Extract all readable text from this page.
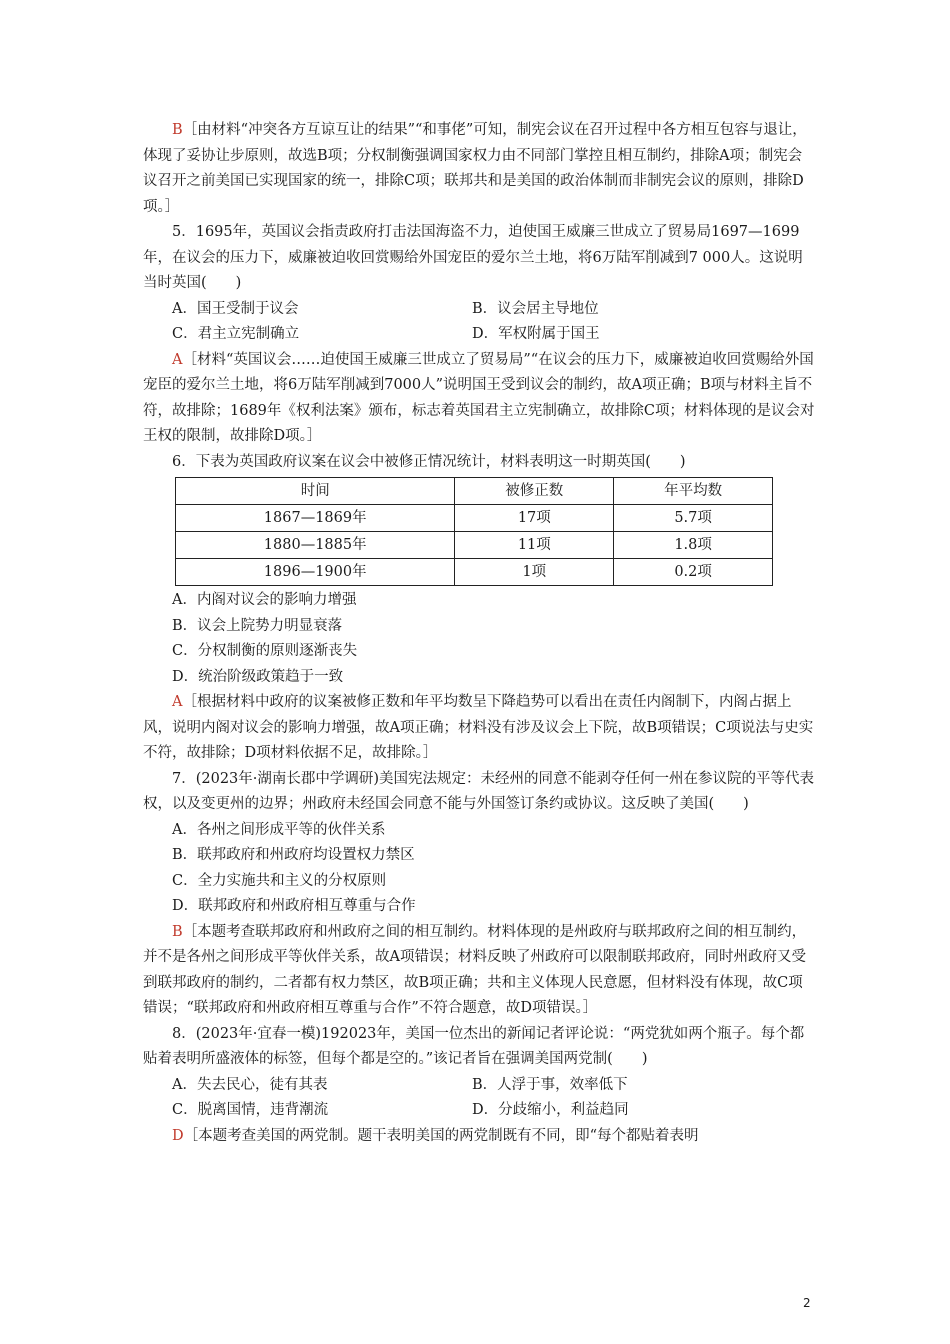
B［由材料“冲突各方互谅互让的结果”“和事佬”可知，制宪会议在召开过程中各方相互包容与退让，体现了妥协让步原则，故选B项；分权制衡强调国家权力由不同部门掌控且相互制约，排除A项；制宪会议召开之前美国已实现国家的统一，排除C项；联邦共和是美国的政治体制而非制宪会议的原则，排除D项。］

5．1695年，英国议会指责政府打击法国海盗不力，迫使国王威廉三世成立了贸易局1697—1699年，在议会的压力下，威廉被迫收回赏赐给外国宠臣的爱尔兰土地，将6万陆军削减到7 000人。这说明当时英国(　　)

A．国王受制于议会	B．议会居主导地位
C．君主立宪制确立	D．军权附属于国王

A［材料“英国议会……迫使国王威廉三世成立了贸易局”“在议会的压力下，威廉被迫收回赏赐给外国宠臣的爱尔兰土地，将6万陆军削减到7000人”说明国王受到议会的制约，故A项正确；B项与材料主旨不符，故排除；1689年《权利法案》颁布，标志着英国君主立宪制确立，故排除C项；材料体现的是议会对王权的限制，故排除D项。］

6．下表为英国政府议案在议会中被修正情况统计，材料表明这一时期英国(　　)

时间	被修正数	年平均数
1867—1869年	17项	5.7项
1880—1885年	11项	1.8项
1896—1900年	1项	0.2项
A．内阁对议会的影响力增强
B．议会上院势力明显衰落
C．分权制衡的原则逐渐丧失
D．统治阶级政策趋于一致

A［根据材料中政府的议案被修正数和年平均数呈下降趋势可以看出在责任内阁制下，内阁占据上风，说明内阁对议会的影响力增强，故A项正确；材料没有涉及议会上下院，故B项错误；C项说法与史实不符，故排除；D项材料依据不足，故排除。］

7．(2023年·湖南长郡中学调研)美国宪法规定：未经州的同意不能剥夺任何一州在参议院的平等代表权，以及变更州的边界；州政府未经国会同意不能与外国签订条约或协议。这反映了美国(　　)

A．各州之间形成平等的伙伴关系
B．联邦政府和州政府均设置权力禁区
C．全力实施共和主义的分权原则
D．联邦政府和州政府相互尊重与合作

B［本题考查联邦政府和州政府之间的相互制约。材料体现的是州政府与联邦政府之间的相互制约，并不是各州之间形成平等伙伴关系，故A项错误；材料反映了州政府可以限制联邦政府，同时州政府又受到联邦政府的制约，二者都有权力禁区，故B项正确；共和主义体现人民意愿，但材料没有体现，故C项错误；“联邦政府和州政府相互尊重与合作”不符合题意，故D项错误。］

8．(2023年·宜春一模)192023年，美国一位杰出的新闻记者评论说：“两党犹如两个瓶子。每个都贴着表明所盛液体的标签，但每个都是空的。”该记者旨在强调美国两党制(　　)

A．失去民心，徒有其表	B．人浮于事，效率低下
C．脱离国情，违背潮流	D．分歧缩小，利益趋同

D［本题考查美国的两党制。题干表明美国的两党制既有不同，即“每个都贴着表明

2
